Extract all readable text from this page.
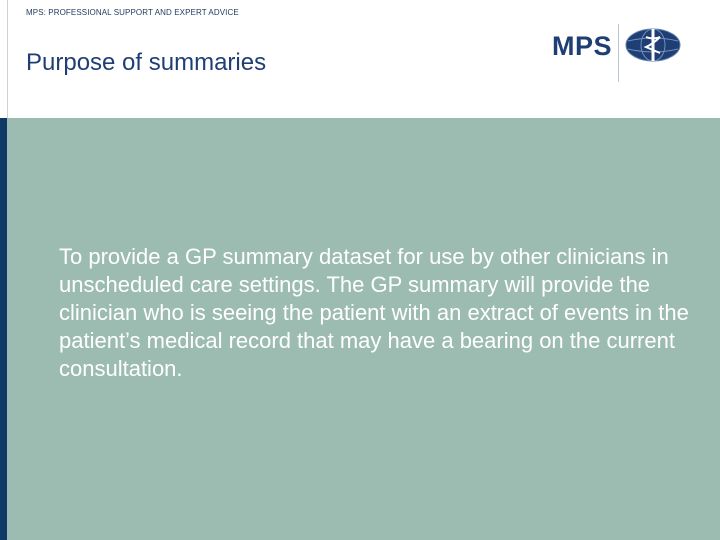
MPS: PROFESSIONAL SUPPORT AND EXPERT ADVICE
Purpose of summaries
MPS
To provide a GP summary dataset for use by other clinicians in unscheduled care settings. The GP summary will provide the clinician who is seeing the patient with an extract of events in the patient’s medical record that may have a bearing on the current consultation.
